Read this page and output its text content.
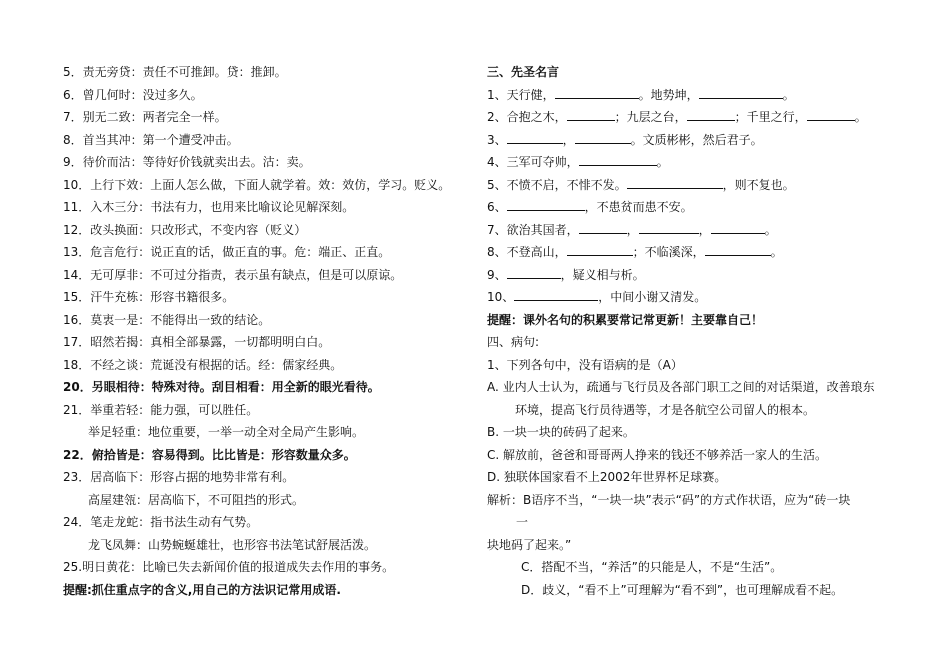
5．责无旁贷：责任不可推卸。贷：推卸。
6．曾几何时：没过多久。
7．别无二致：两者完全一样。
8．首当其冲：第一个遭受冲击。
9．待价而沽：等待好价钱就卖出去。沽：卖。
10．上行下效：上面人怎么做，下面人就学着。效：效仿，学习。贬义。
11．入木三分：书法有力，也用来比喻议论见解深刻。
12．改头换面：只改形式，不变内容（贬义）
13．危言危行：说正直的话，做正直的事。危：端正、正直。
14．无可厚非：不可过分指责，表示虽有缺点，但是可以原谅。
15．汗牛充栋：形容书籍很多。
16．莫衷一是：不能得出一致的结论。
17．昭然若揭：真相全部暴露，一切都明明白白。
18．不经之谈：荒诞没有根据的话。经：儒家经典。
20．另眼相待：特殊对待。刮目相看：用全新的眼光看待。
21．举重若轻：能力强，可以胜任。
举足轻重：地位重要，一举一动全对全局产生影响。
22．俯拾皆是：容易得到。比比皆是：形容数量众多。
23．居高临下：形容占据的地势非常有利。
高屋建瓴：居高临下，不可阻挡的形式。
24．笔走龙蛇：指书法生动有气势。
龙飞凤舞：山势蜿蜒雄壮，也形容书法笔试舒展活泼。
25.明日黄花：比喻已失去新闻价值的报道成失去作用的事务。
提醒:抓住重点字的含义,用自己的方法识记常用成语.
三、先圣名言
1、天行健，	。地势坤，	。
2、合抱之木，	；九层之台，	；千里之行，	。
3、	，	。文质彬彬，然后君子。
4、三军可夺帅，	。
5、不愤不启，不悱不发。	，则不复也。
6、	，不患贫而患不安。
7、欲治其国者，	，	，	。
8、不登高山，	；不临溪深，	。
9、	，疑义相与析。
10、	，中间小谢又清发。
提醒：课外名句的积累要常记常更新！主要靠自己！
四、病句:
1、下列各句中，没有语病的是（A）
A. 业内人士认为，疏通与飞行员及各部门职工之间的对话渠道，改善琅东
环境，提高飞行员待遇等，才是各航空公司留人的根本。
B. 一块一块的砖码了起来。
C. 解放前，爸爸和哥哥两人挣来的钱还不够养活一家人的生活。
D. 独联体国家看不上2002年世界杯足球赛。
解析：B语序不当，“一块一块”表示“码”的方式作状语，应为“砖一块
一
块地码了起来。”
C．搭配不当，“养活”的只能是人，不是“生活”。
D．歧义，“看不上”可理解为“看不到”，也可理解成看不起。
